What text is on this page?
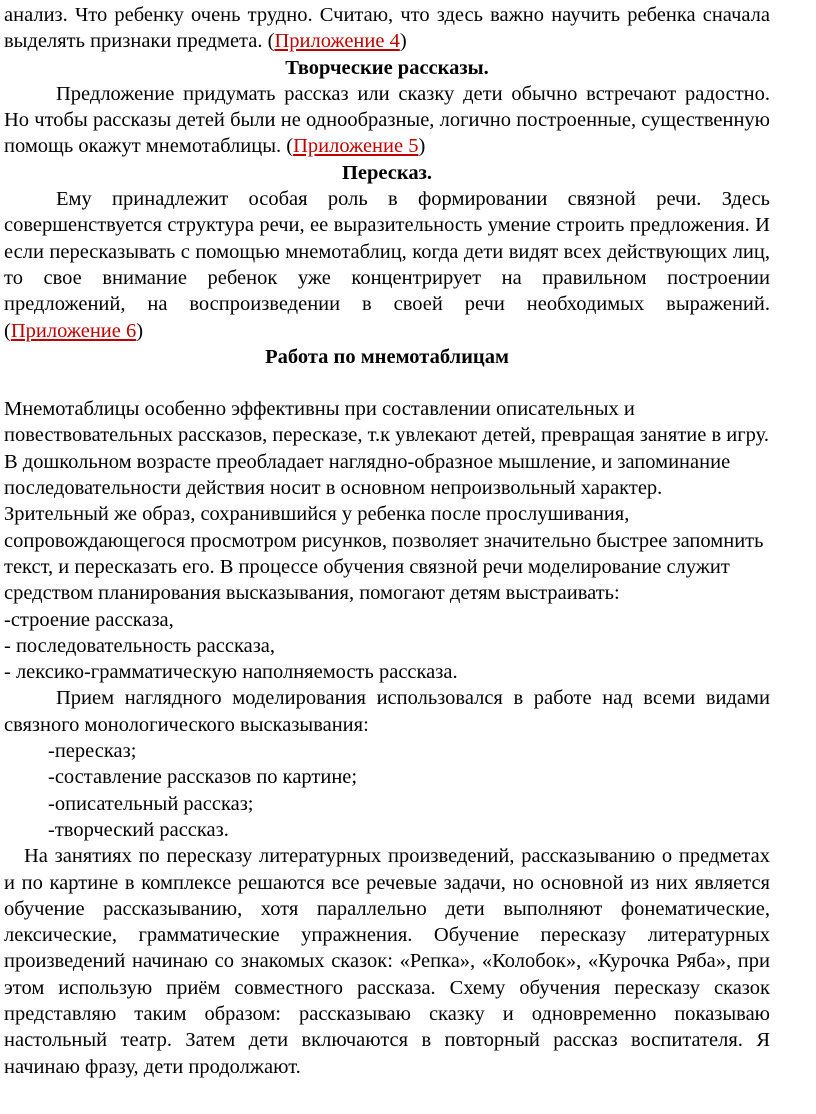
анализ. Что ребенку очень трудно. Считаю, что здесь важно научить ребенка сначала выделять признаки предмета. (Приложение 4)

Творческие рассказы.

Предложение придумать рассказ или сказку дети обычно встречают радостно. Но чтобы рассказы детей были не однообразные, логично построенные, существенную помощь окажут мнемотаблицы. (Приложение 5)

Пересказ.

Ему принадлежит особая роль в формировании связной речи. Здесь совершенствуется структура речи, ее выразительность умение строить предложения. И если пересказывать с помощью мнемотаблиц, когда дети видят всех действующих лиц, то свое внимание ребенок уже концентрирует на правильном построении предложений, на воспроизведении в своей речи необходимых выражений. (Приложение 6)

Работа по мнемотаблицам

Мнемотаблицы особенно эффективны при составлении описательных и повествовательных рассказов, пересказе, т.к увлекают детей, превращая занятие в игру. В дошкольном возрасте преобладает наглядно-образное мышление, и запоминание последовательности действия носит в основном непроизвольный характер. Зрительный же образ, сохранившийся у ребенка после прослушивания, сопровождающегося просмотром рисунков, позволяет значительно быстрее запомнить текст, и пересказать его. В процессе обучения связной речи моделирование служит средством планирования высказывания, помогают детям выстраивать:

-строение рассказа,

- последовательность рассказа,

- лексико-грамматическую наполняемость рассказа.

Прием наглядного моделирования использовался в работе над всеми видами связного монологического высказывания:

-пересказ;

-составление рассказов по картине;

-описательный рассказ;

-творческий рассказ.

На занятиях по пересказу литературных произведений, рассказыванию о предметах и по картине в комплексе решаются все речевые задачи, но основной из них является обучение рассказыванию, хотя параллельно дети выполняют фонематические, лексические, грамматические упражнения. Обучение пересказу литературных произведений начинаю со знакомых сказок: «Репка», «Колобок», «Курочка Ряба», при этом использую приём совместного рассказа. Схему обучения пересказу сказок представляю таким образом: рассказываю сказку и одновременно показываю настольный театр. Затем дети включаются в повторный рассказ воспитателя. Я начинаю фразу, дети продолжают.
